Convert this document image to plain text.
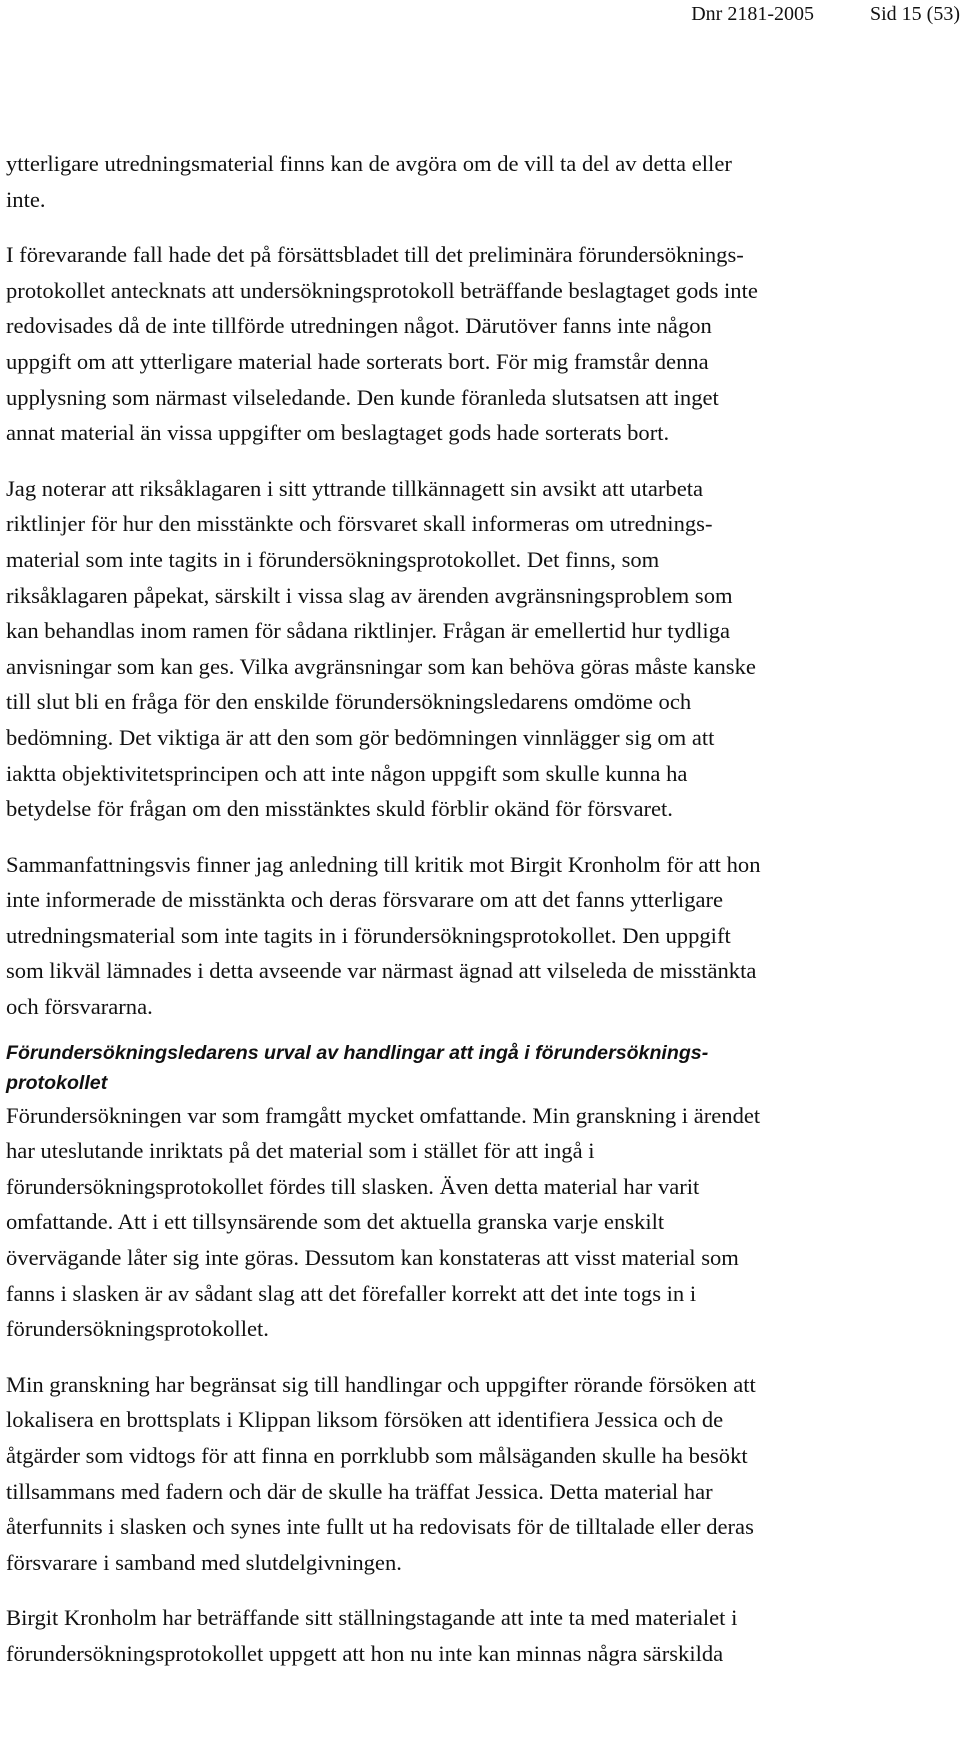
Dnr 2181-2005	Sid 15 (53)

ytterligare utredningsmaterial finns kan de avgöra om de vill ta del av detta eller
inte.

I förevarande fall hade det på försättsbladet till det preliminära förundersöknings-
protokollet antecknats att undersökningsprotokoll beträffande beslagtaget gods inte
redovisades då de inte tillförde utredningen något. Därutöver fanns inte någon
uppgift om att ytterligare material hade sorterats bort. För mig framstår denna
upplysning som närmast vilseledande. Den kunde föranleda slutsatsen att inget
annat material än vissa uppgifter om beslagtaget gods hade sorterats bort.

Jag noterar att riksåklagaren i sitt yttrande tillkännagett sin avsikt att utarbeta
riktlinjer för hur den misstänkte och försvaret skall informeras om utrednings-
material som inte tagits in i förundersökningsprotokollet. Det finns, som
riksåklagaren påpekat, särskilt i vissa slag av ärenden avgränsningsproblem som
kan behandlas inom ramen för sådana riktlinjer. Frågan är emellertid hur tydliga
anvisningar som kan ges. Vilka avgränsningar som kan behöva göras måste kanske
till slut bli en fråga för den enskilde förundersökningsledarens omdöme och
bedömning. Det viktiga är att den som gör bedömningen vinnlägger sig om att
iaktta objektivitetsprincipen och att inte någon uppgift som skulle kunna ha
betydelse för frågan om den misstänktes skuld förblir okänd för försvaret.

Sammanfattningsvis finner jag anledning till kritik mot Birgit Kronholm för att hon
inte informerade de misstänkta och deras försvarare om att det fanns ytterligare
utredningsmaterial som inte tagits in i förundersökningsprotokollet. Den uppgift
som likväl lämnades i detta avseende var närmast ägnad att vilseleda de misstänkta
och försvararna.

Förundersökningsledarens urval av handlingar att ingå i förundersöknings-
protokollet

Förundersökningen var som framgått mycket omfattande. Min granskning i ärendet
har uteslutande inriktats på det material som i stället för att ingå i
förundersökningsprotokollet fördes till slasken. Även detta material har varit
omfattande. Att i ett tillsynsärende som det aktuella granska varje enskilt
övervägande låter sig inte göras. Dessutom kan konstateras att visst material som
fanns i slasken är av sådant slag att det förefaller korrekt att det inte togs in i
förundersökningsprotokollet.

Min granskning har begränsat sig till handlingar och uppgifter rörande försöken att
lokalisera en brottsplats i Klippan liksom försöken att identifiera Jessica och de
åtgärder som vidtogs för att finna en porrklubb som målsäganden skulle ha besökt
tillsammans med fadern och där de skulle ha träffat Jessica. Detta material har
återfunnits i slasken och synes inte fullt ut ha redovisats för de tilltalade eller deras
försvarare i samband med slutdelgivningen.

Birgit Kronholm har beträffande sitt ställningstagande att inte ta med materialet i
förundersökningsprotokollet uppgett att hon nu inte kan minnas några särskilda
